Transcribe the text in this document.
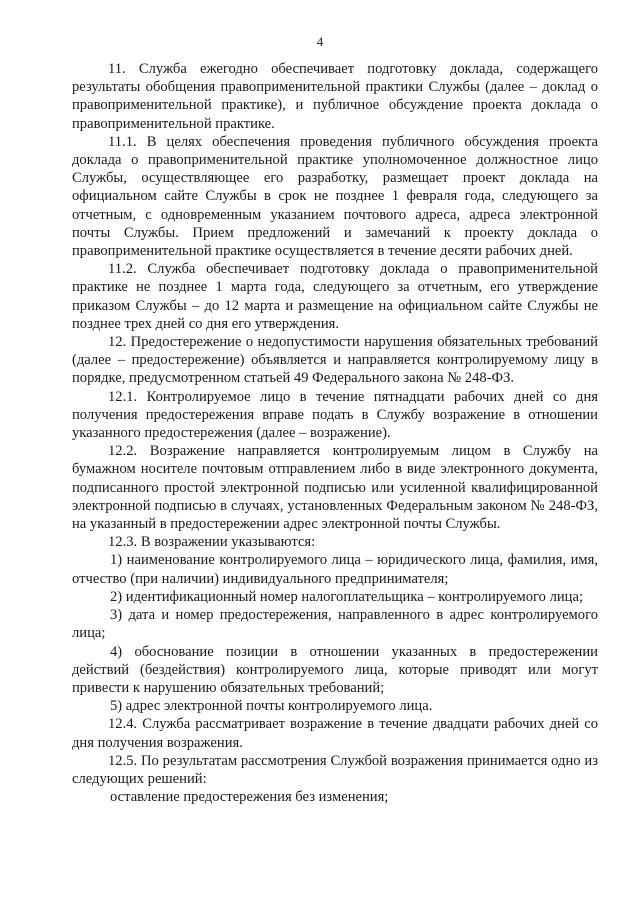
4

11. Служба ежегодно обеспечивает подготовку доклада, содержащего результаты обобщения правоприменительной практики Службы (далее – доклад о правоприменительной практике), и публичное обсуждение проекта доклада о правоприменительной практике.

11.1. В целях обеспечения проведения публичного обсуждения проекта доклада о правоприменительной практике уполномоченное должностное лицо Службы, осуществляющее его разработку, размещает проект доклада на официальном сайте Службы в срок не позднее 1 февраля года, следующего за отчетным, с одновременным указанием почтового адреса, адреса электронной почты Службы. Прием предложений и замечаний к проекту доклада о правоприменительной практике осуществляется в течение десяти рабочих дней.

11.2. Служба обеспечивает подготовку доклада о правоприменительной практике не позднее 1 марта года, следующего за отчетным, его утверждение приказом Службы – до 12 марта и размещение на официальном сайте Службы не позднее трех дней со дня его утверждения.

12. Предостережение о недопустимости нарушения обязательных требований (далее – предостережение) объявляется и направляется контролируемому лицу в порядке, предусмотренном статьей 49 Федерального закона № 248-ФЗ.

12.1. Контролируемое лицо в течение пятнадцати рабочих дней со дня получения предостережения вправе подать в Службу возражение в отношении указанного предостережения (далее – возражение).

12.2. Возражение направляется контролируемым лицом в Службу на бумажном носителе почтовым отправлением либо в виде электронного документа, подписанного простой электронной подписью или усиленной квалифицированной электронной подписью в случаях, установленных Федеральным законом № 248-ФЗ, на указанный в предостережении адрес электронной почты Службы.

12.3. В возражении указываются:

1) наименование контролируемого лица – юридического лица, фамилия, имя, отчество (при наличии) индивидуального предпринимателя;

2) идентификационный номер налогоплательщика – контролируемого лица;

3) дата и номер предостережения, направленного в адрес контролируемого лица;

4) обоснование позиции в отношении указанных в предостережении действий (бездействия) контролируемого лица, которые приводят или могут привести к нарушению обязательных требований;

5) адрес электронной почты контролируемого лица.

12.4. Служба рассматривает возражение в течение двадцати рабочих дней со дня получения возражения.

12.5. По результатам рассмотрения Службой возражения принимается одно из следующих решений:

оставление предостережения без изменения;
